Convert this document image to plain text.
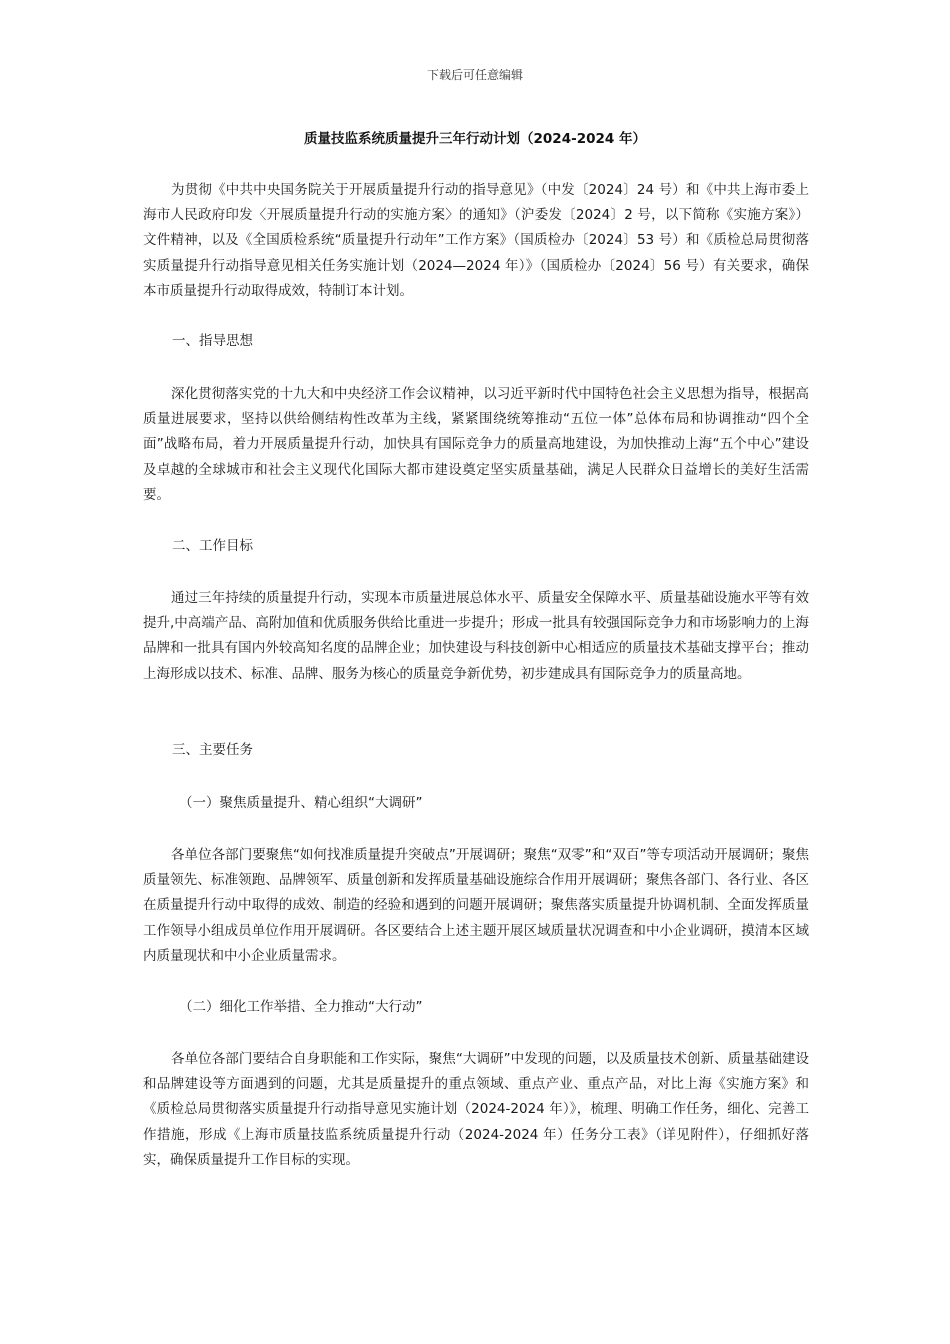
下载后可任意编辑
质量技监系统质量提升三年行动计划（2024-2024 年）

为贯彻《中共中央国务院关于开展质量提升行动的指导意见》（中发〔2024〕24 号）和《中共上海市委上海市人民政府印发〈开展质量提升行动的实施方案〉的通知》（沪委发〔2024〕2 号，以下简称《实施方案》）文件精神，以及《全国质检系统“质量提升行动年”工作方案》（国质检办〔2024〕53 号）和《质检总局贯彻落实质量提升行动指导意见相关任务实施计划（2024—2024 年）》（国质检办〔2024〕56 号）有关要求，确保本市质量提升行动取得成效，特制订本计划。

一、指导思想

深化贯彻落实党的十九大和中央经济工作会议精神，以习近平新时代中国特色社会主义思想为指导，根据高质量进展要求，坚持以供给侧结构性改革为主线，紧紧围绕统筹推动“五位一体”总体布局和协调推动“四个全面”战略布局，着力开展质量提升行动，加快具有国际竞争力的质量高地建设，为加快推动上海“五个中心”建设及卓越的全球城市和社会主义现代化国际大都市建设奠定坚实质量基础，满足人民群众日益增长的美好生活需要。

二、工作目标

通过三年持续的质量提升行动，实现本市质量进展总体水平、质量安全保障水平、质量基础设施水平等有效提升,中高端产品、高附加值和优质服务供给比重进一步提升；形成一批具有较强国际竞争力和市场影响力的上海品牌和一批具有国内外较高知名度的品牌企业；加快建设与科技创新中心相适应的质量技术基础支撑平台；推动上海形成以技术、标准、品牌、服务为核心的质量竞争新优势，初步建成具有国际竞争力的质量高地。

三、主要任务

（一）聚焦质量提升、精心组织“大调研”

各单位各部门要聚焦“如何找准质量提升突破点”开展调研；聚焦“双零”和“双百”等专项活动开展调研；聚焦质量领先、标准领跑、品牌领军、质量创新和发挥质量基础设施综合作用开展调研；聚焦各部门、各行业、各区在质量提升行动中取得的成效、制造的经验和遇到的问题开展调研；聚焦落实质量提升协调机制、全面发挥质量工作领导小组成员单位作用开展调研。各区要结合上述主题开展区域质量状况调查和中小企业调研，摸清本区域内质量现状和中小企业质量需求。

（二）细化工作举措、全力推动“大行动”

各单位各部门要结合自身职能和工作实际，聚焦“大调研”中发现的问题，以及质量技术创新、质量基础建设和品牌建设等方面遇到的问题，尤其是质量提升的重点领域、重点产业、重点产品，对比上海《实施方案》和《质检总局贯彻落实质量提升行动指导意见实施计划（2024-2024 年）》，梳理、明确工作任务，细化、完善工作措施，形成《上海市质量技监系统质量提升行动（2024-2024 年）任务分工表》（详见附件），仔细抓好落实，确保质量提升工作目标的实现。
